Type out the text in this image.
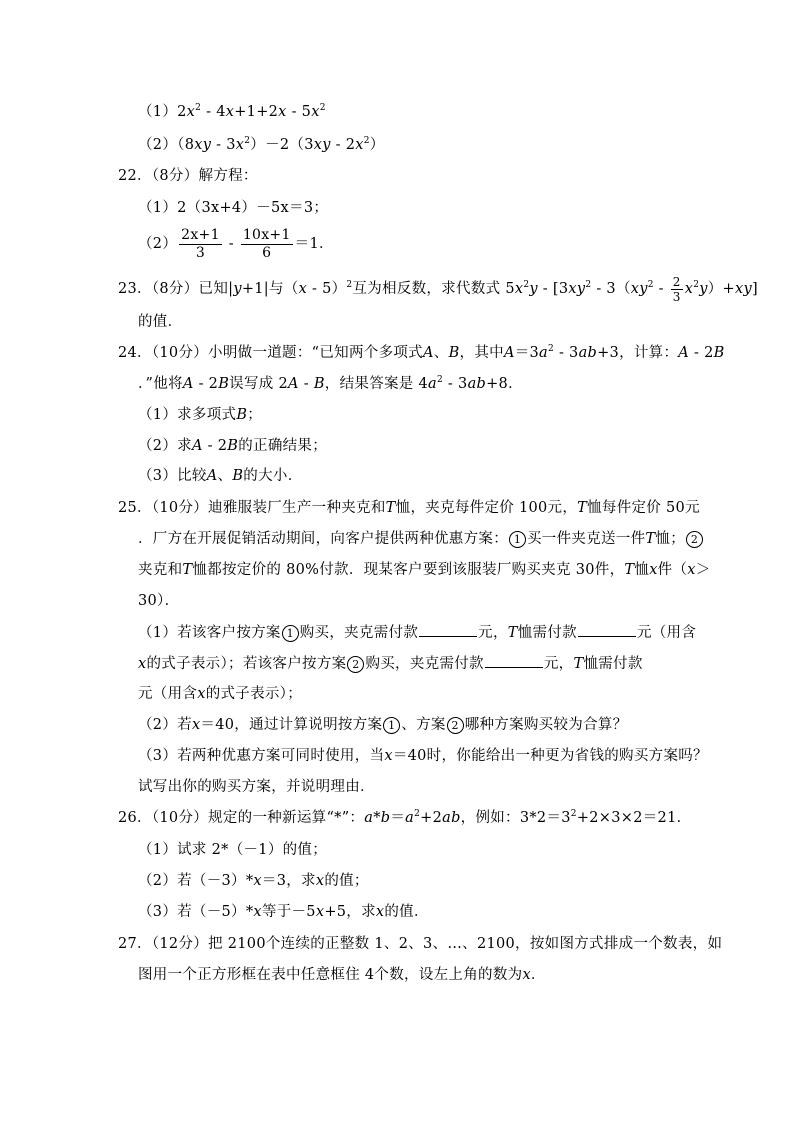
$(1)2x^2 - 4x+1+2x - 5x^2$
$(2)(8xy - 3x^2)-2(3xy - 2x^2)$
22．（8分）解方程：
（1）2（3x+4）－5x＝3；
$(2) \frac{2x+1}{3} - \frac{10x+1}{6} =1$．
23．（8分）已知|y+1|与（x - 5）$^2$互为相反数，求代数式 $5x^2y - [3xy^2 - 3(xy^2 - \frac{2}{3} x^2y)+xy]$
的值．
24．（10分）小明做一道题：“已知两个多项式A、B，其中$A=3a^2 - 3ab+3$，计算：A - 2B
．”他将A - 2B误写成 2A - B，结果答案是 $4a^2 - 3ab+8$．
（1）求多项式B；
（2）求A - 2B的正确结果；
（3）比较A、B的大小．
25．（10分）迪雅服装厂生产一种夹克和T恤，夹克每件定价 100元，T恤每件定价 50元
．厂方在开展促销活动期间，向客户提供两种优惠方案： 1 买一件夹克送一件T恤； 2
夹克和T恤都按定价的 80%付款．现某客户要到该服装厂购买夹克 30件，T恤x件（x＞
30）．
（1）若该客户按方案 1 购买，夹克需付款	元，T恤需付款	元（用含
x的式子表示）；若该客户按方案 2 购买，夹克需付款	元，T恤需付款
元（用含x的式子表示）；
（2）若x＝40，通过计算说明按方案 1 、方案 2 哪种方案购买较为合算？
（3）若两种优惠方案可同时使用，当x＝40时，你能给出一种更为省钱的购买方案吗？
试写出你的购买方案，并说明理由．
26．（10分）规定的一种新运算“*”：$a*b=a^2+2ab$，例如：$3*2=3^2+2\times 3\times 2=21$．
（1）试求 2*（－1）的值；
（2）若（－3）*x＝3，求x的值；
（3）若（－5）*x等于－5x+5，求x的值．
27．（12分）把 2100个连续的正整数 1、2、3、…、2100，按如图方式排成一个数表，如
图用一个正方形框在表中任意框住 4个数，设左上角的数为x．
